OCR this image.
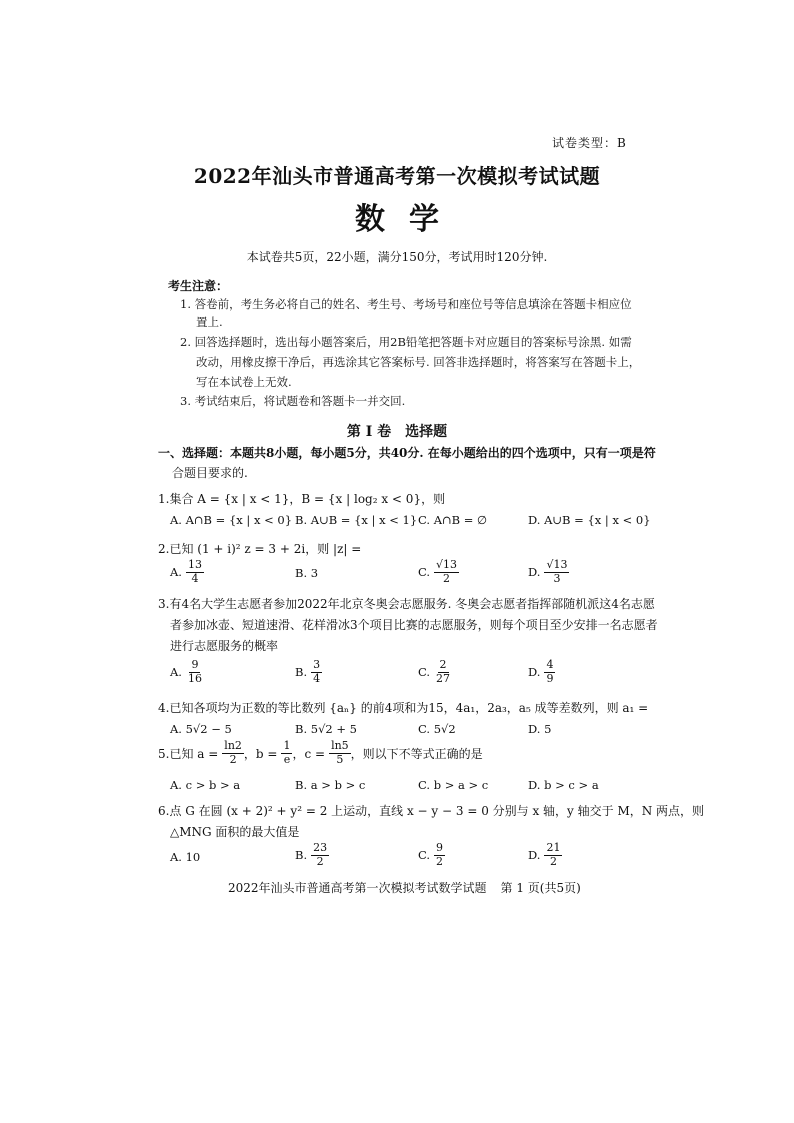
试卷类型：B
2022年汕头市普通高考第一次模拟考试试题
数学
本试卷共5页，22小题，满分150分，考试用时120分钟.
考生注意：
1. 答卷前，考生务必将自己的姓名、考生号、考场号和座位号等信息填涂在答题卡相应位
置上.
2. 回答选择题时，选出每小题答案后，用2B铅笔把答题卡对应题目的答案标号涂黑. 如需
改动，用橡皮擦干净后，再选涂其它答案标号. 回答非选择题时，将答案写在答题卡上，
写在本试卷上无效.
3. 考试结束后，将试题卷和答题卡一并交回.
第 I 卷　选择题
一、选择题：本题共8小题，每小题5分，共40分. 在每小题给出的四个选项中，只有一项是符
合题目要求的.
1.集合 A = {x | x < 1}，B = {x | log₂ x < 0}，则
A. A∩B = {x | x < 0} B. A∪B = {x | x < 1} C. A∩B = ∅	D. A∪B = {x | x < 0}
2.已知 (1 + i)² z = 3 + 2i，则 |z| =
A. $\frac{13}{4}$	B. 3	C. $\frac{√13}{2}$	D. $\frac{√13}{3}$
3.有4名大学生志愿者参加2022年北京冬奥会志愿服务. 冬奥会志愿者指挥部随机派这4名志愿
者参加冰壶、短道速滑、花样滑冰3个项目比赛的志愿服务，则每个项目至少安排一名志愿者
进行志愿服务的概率
A. $\frac{9}{16}$	B. $\frac{3}{4}$	C. $\frac{2}{27}$	D. $\frac{4}{9}$
4.已知各项均为正数的等比数列 {aₙ} 的前4项和为15，4a₁，2a₃，a₅ 成等差数列，则 a₁ =
A. 5√2 − 5	B. 5√2 + 5	C. 5√2	D. 5
5.已知 $a = \frac{\ln 2}{2}$ ，$b = \frac{1}{e}$ ，$c = \frac{\ln 5}{5}$ ，则以下不等式正确的是
A. c > b > a	B. a > b > c	C. b > a > c	D. b > c > a
6.点 G 在圆 (x + 2)² + y² = 2 上运动，直线 x − y − 3 = 0 分别与 x 轴，y 轴交于 M，N 两点，则
△MNG 面积的最大值是
A. 10	B. $\frac{23}{2}$	C. $\frac{9}{2}$	D. $\frac{21}{2}$
2022年汕头市普通高考第一次模拟考试数学试题 第 1 页(共5页)
